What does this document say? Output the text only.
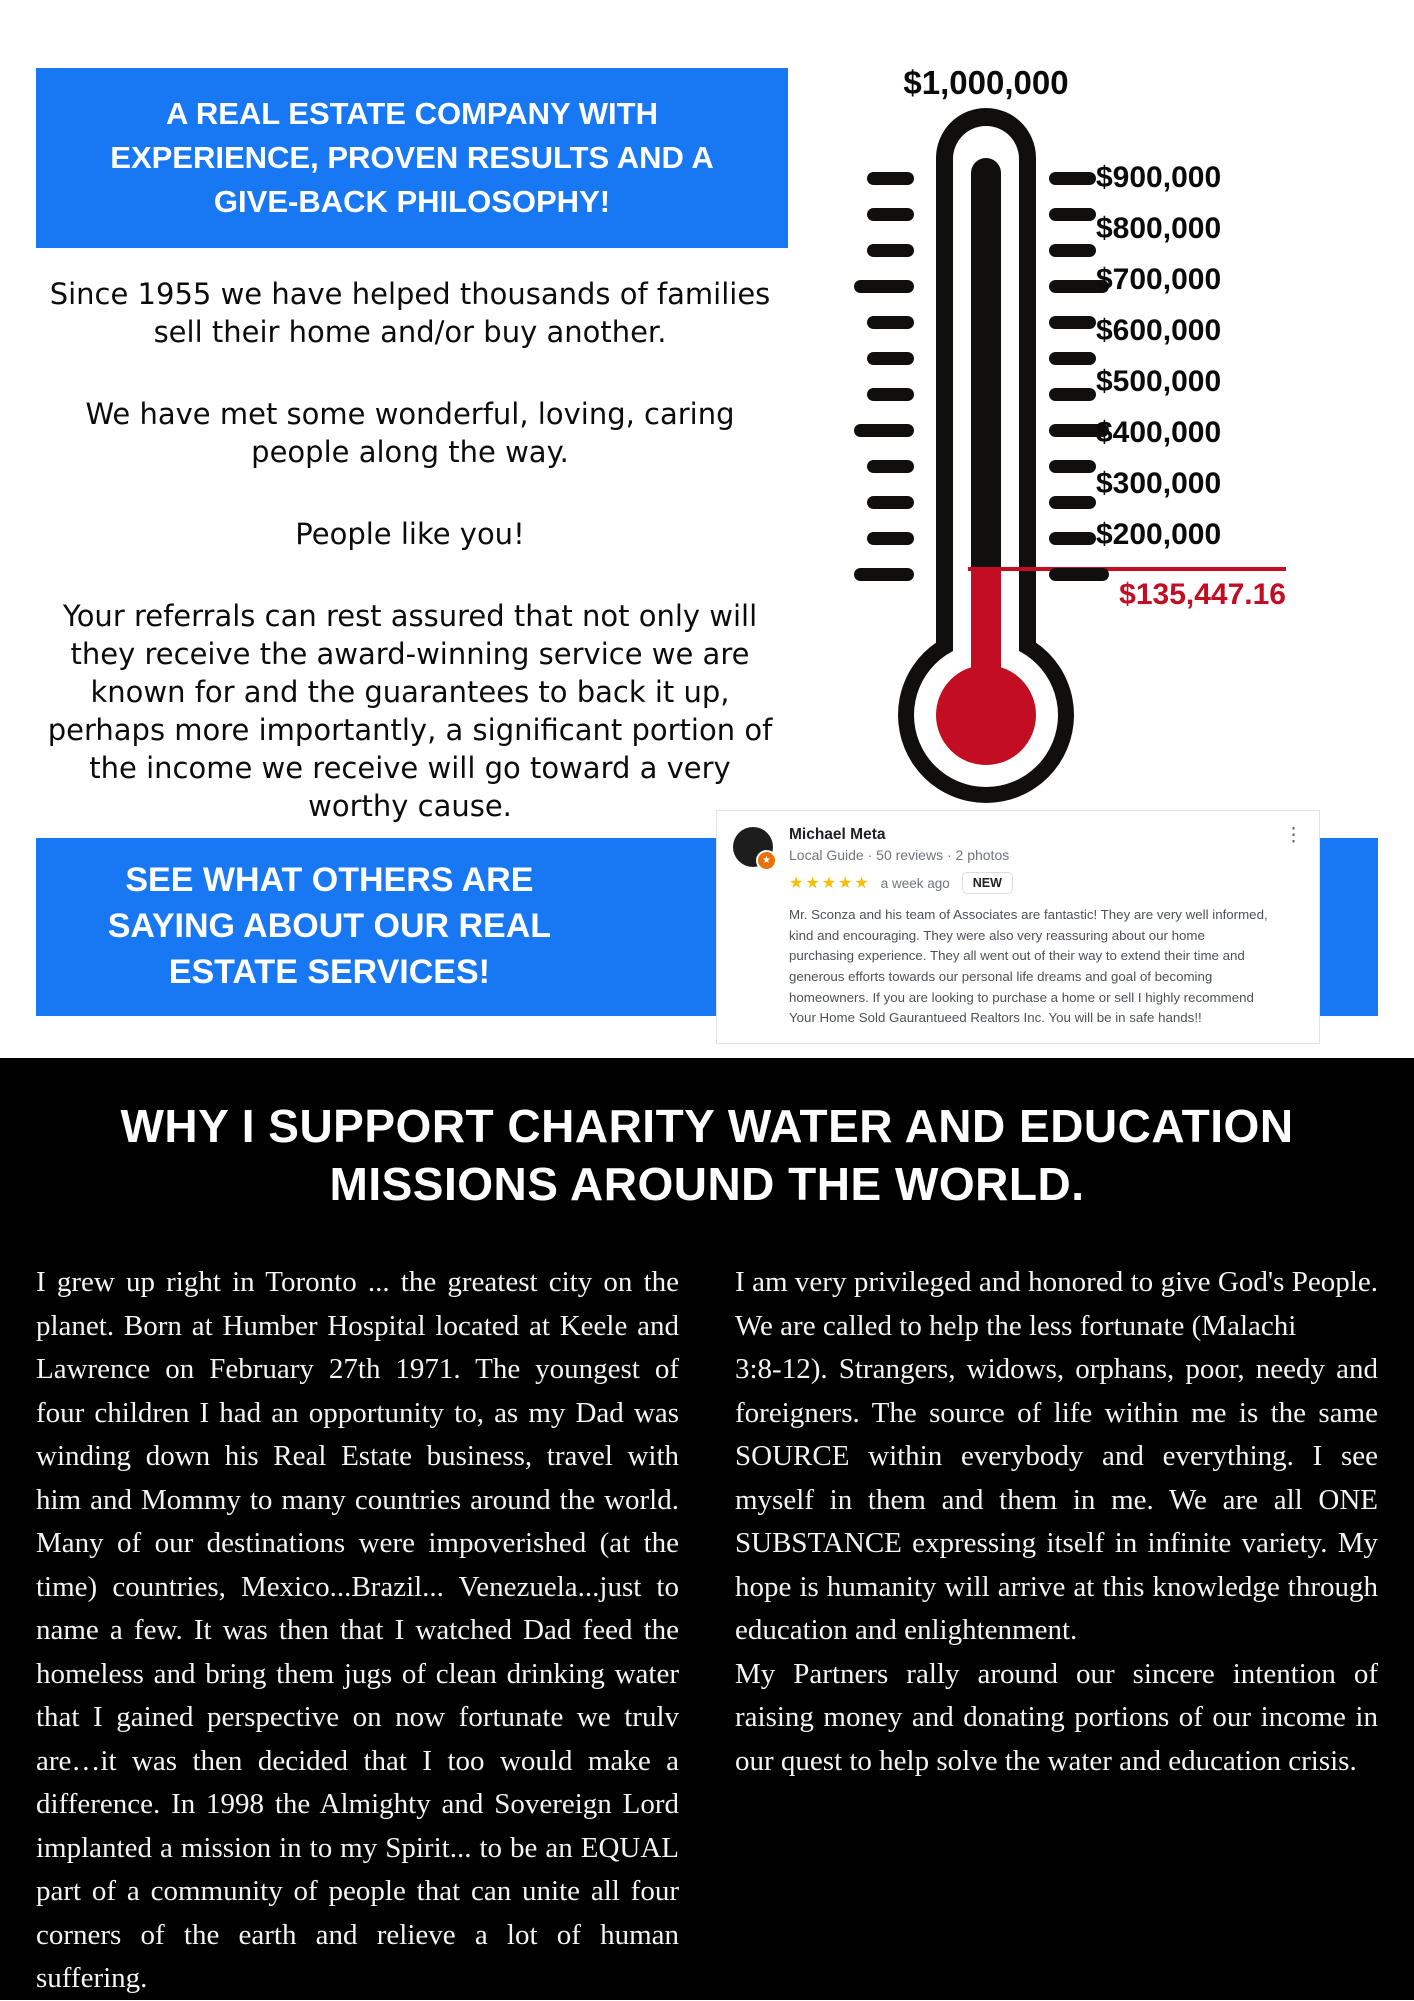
A REAL ESTATE COMPANY WITH EXPERIENCE, PROVEN RESULTS AND A GIVE-BACK PHILOSOPHY!

Since 1955 we have helped thousands of families sell their home and/or buy another.

We have met some wonderful, loving, caring people along the way.

People like you!

Your referrals can rest assured that not only will they receive the award-winning service we are known for and the guarantees to back it up, perhaps more importantly, a significant portion of the income we receive will go toward a very worthy cause.

$1,000,000
$900,000
$800,000
$700,000
$600,000
$500,000
$400,000
$300,000
$200,000
$135,447.16
SEE WHAT OTHERS ARE SAYING ABOUT OUR REAL ESTATE SERVICES!
★
⋮
Michael Meta
Local Guide · 50 reviews · 2 photos
★★★★★ a week ago	NEW
Mr. Sconza and his team of Associates are fantastic! They are very well informed, kind and encouraging. They were also very reassuring about our home purchasing experience. They all went out of their way to extend their time and generous efforts towards our personal life dreams and goal of becoming homeowners. If you are looking to purchase a home or sell I highly recommend Your Home Sold Gaurantueed Realtors Inc. You will be in safe hands!!
WHY I SUPPORT CHARITY WATER AND EDUCATION
MISSIONS AROUND THE WORLD.

I grew up right in Toronto ... the greatest city on the planet. Born at Humber Hospital located at Keele and Lawrence on February 27th 1971. The youngest of four children I had an opportunity to, as my Dad was winding down his Real Estate business, travel with him and Mommy to many countries around the world. Many of our destinations were impoverished (at the time) countries, Mexico...Brazil... Venezuela...just to name a few. It was then that I watched Dad feed the homeless and bring them jugs of clean drinking water that I gained perspective on now fortunate we trulv are…it was then decided that I too would make a difference. In 1998 the Almighty and Sovereign Lord implanted a mission in to my Spirit... to be an EQUAL part of a community of people that can unite all four corners of the earth and relieve a lot of human suffering.

I am very privileged and honored to give God's People. We are called to help the less fortunate (Malachi

3:8-12). Strangers, widows, orphans, poor, needy and foreigners. The source of life within me is the same SOURCE within everybody and everything. I see myself in them and them in me. We are all ONE SUBSTANCE expressing itself in infinite variety. My hope is humanity will arrive at this knowledge through education and enlightenment.

My Partners rally around our sincere intention of raising money and donating portions of our income in our quest to help solve the water and education crisis.
